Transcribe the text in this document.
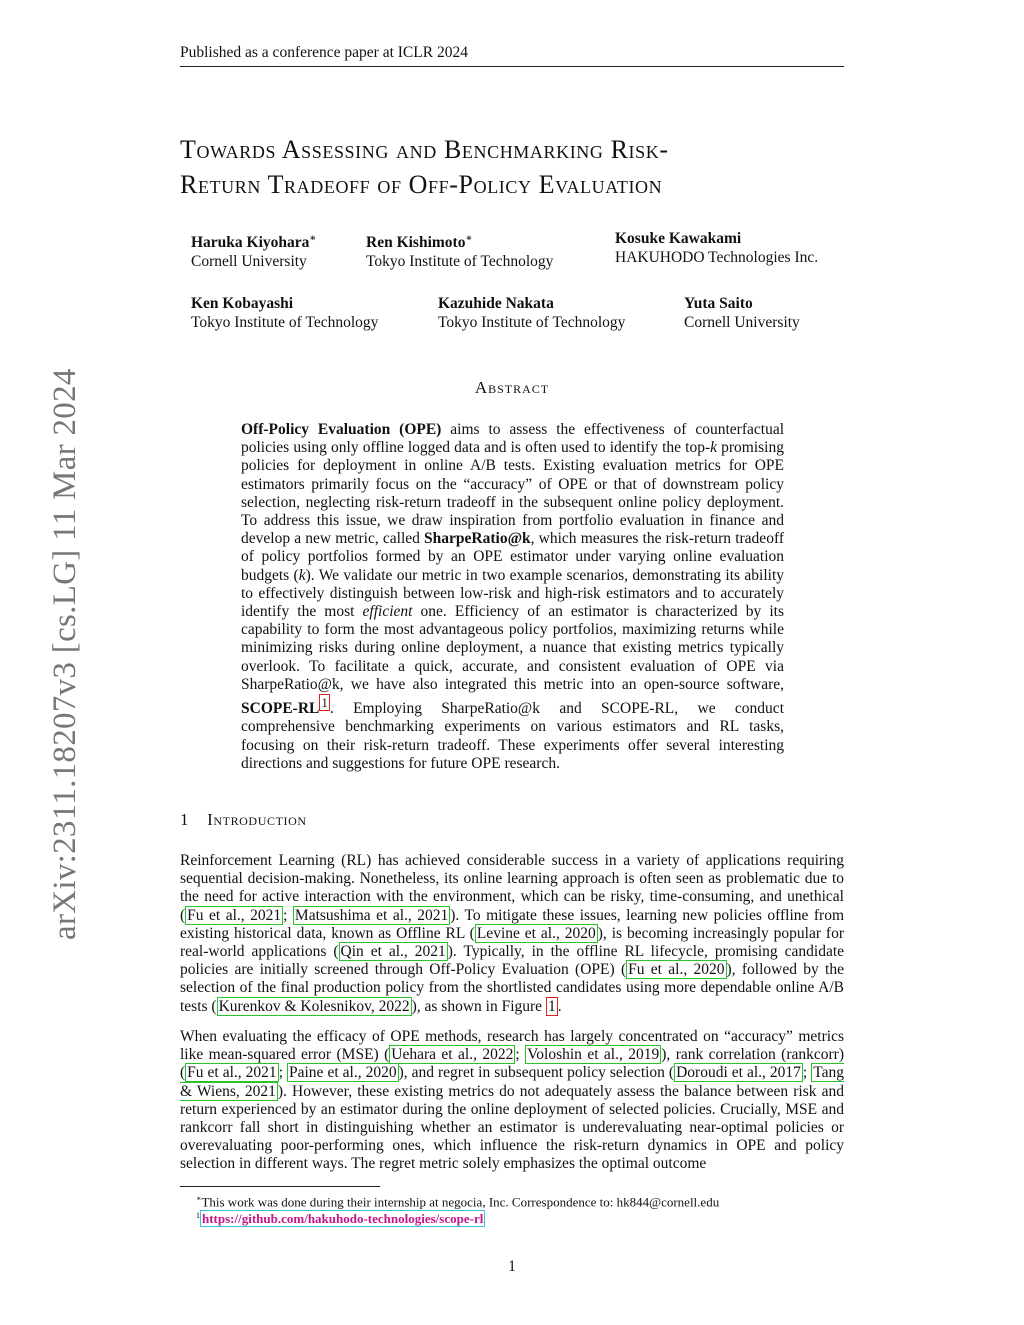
Published as a conference paper at ICLR 2024
arXiv:2311.18207v3 [cs.LG] 11 Mar 2024
Towards Assessing and Benchmarking Risk-
Return Tradeoff of Off-Policy Evaluation
Haruka Kiyohara∗
Cornell University
Ren Kishimoto∗
Tokyo Institute of Technology
Kosuke Kawakami
HAKUHODO Technologies Inc.
Ken Kobayashi
Tokyo Institute of Technology
Kazuhide Nakata
Tokyo Institute of Technology
Yuta Saito
Cornell University
Abstract
Off-Policy Evaluation (OPE) aims to assess the effectiveness of counterfactual policies using only offline logged data and is often used to identify the top-k promising policies for deployment in online A/B tests. Existing evaluation metrics for OPE estimators primarily focus on the “accuracy” of OPE or that of downstream policy selection, neglecting risk-return tradeoff in the subsequent online policy deployment. To address this issue, we draw inspiration from portfolio evaluation in finance and develop a new metric, called SharpeRatio@k, which measures the risk-return tradeoff of policy portfolios formed by an OPE estimator under varying online evaluation budgets (k). We validate our metric in two example scenarios, demonstrating its ability to effectively distinguish between low-risk and high-risk estimators and to accurately identify the most efficient one. Efficiency of an estimator is characterized by its capability to form the most advantageous policy portfolios, maximizing returns while minimizing risks during online deployment, a nuance that existing metrics typically overlook. To facilitate a quick, accurate, and consistent evaluation of OPE via SharpeRatio@k, we have also integrated this metric into an open-source software, SCOPE-RL $^1$ . Employing SharpeRatio@k and SCOPE-RL, we conduct comprehensive benchmarking experiments on various estimators and RL tasks, focusing on their risk-return tradeoff. These experiments offer several interesting directions and suggestions for future OPE research.
1 Introduction
Reinforcement Learning (RL) has achieved considerable success in a variety of applications requiring sequential decision-making. Nonetheless, its online learning approach is often seen as problematic due to the need for active interaction with the environment, which can be risky, time-consuming, and unethical ( Fu et al., 2021 ; Matsushima et al., 2021 ). To mitigate these issues, learning new policies offline from existing historical data, known as Offline RL ( Levine et al., 2020 ), is becoming increasingly popular for real-world applications ( Qin et al., 2021 ). Typically, in the offline RL lifecycle, promising candidate policies are initially screened through Off-Policy Evaluation (OPE) ( Fu et al., 2020 ), followed by the selection of the final production policy from the shortlisted candidates using more dependable online A/B tests ( Kurenkov & Kolesnikov, 2022 ), as shown in Figure 1 .
When evaluating the efficacy of OPE methods, research has largely concentrated on “accuracy” metrics like mean-squared error (MSE) ( Uehara et al., 2022 ; Voloshin et al., 2019 ), rank correlation (rankcorr) ( Fu et al., 2021 ; Paine et al., 2020 ), and regret in subsequent policy selection ( Doroudi et al., 2017 ; Tang & Wiens, 2021 ). However, these existing metrics do not adequately assess the balance between risk and return experienced by an estimator during the online deployment of selected policies. Crucially, MSE and rankcorr fall short in distinguishing whether an estimator is underevaluating near-optimal policies or overevaluating poor-performing ones, which influence the risk-return dynamics in OPE and policy selection in different ways. The regret metric solely emphasizes the optimal outcome
∗This work was done during their internship at negocia, Inc. Correspondence to: hk844@cornell.edu
$^1$ https://github.com/hakuhodo-technologies/scope-rl
1
